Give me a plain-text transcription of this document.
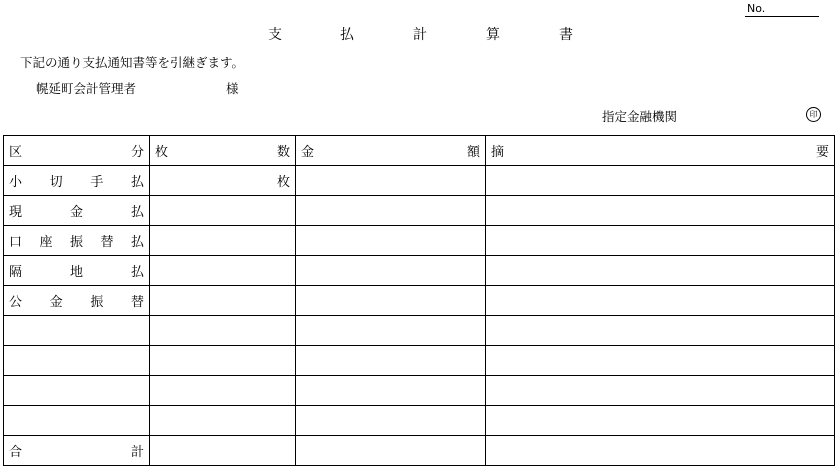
No.
支	払	計	算	書
下記の通り支払通知書等を引継ぎます。
幌延町会計管理者	様
指定金融機関	印
区 分	枚 数	金 額	摘 要

小 切 手 払	枚		

現 金 払			

口 座 振 替 払			

隔 地 払			

公 金 振 替			

合 計			
